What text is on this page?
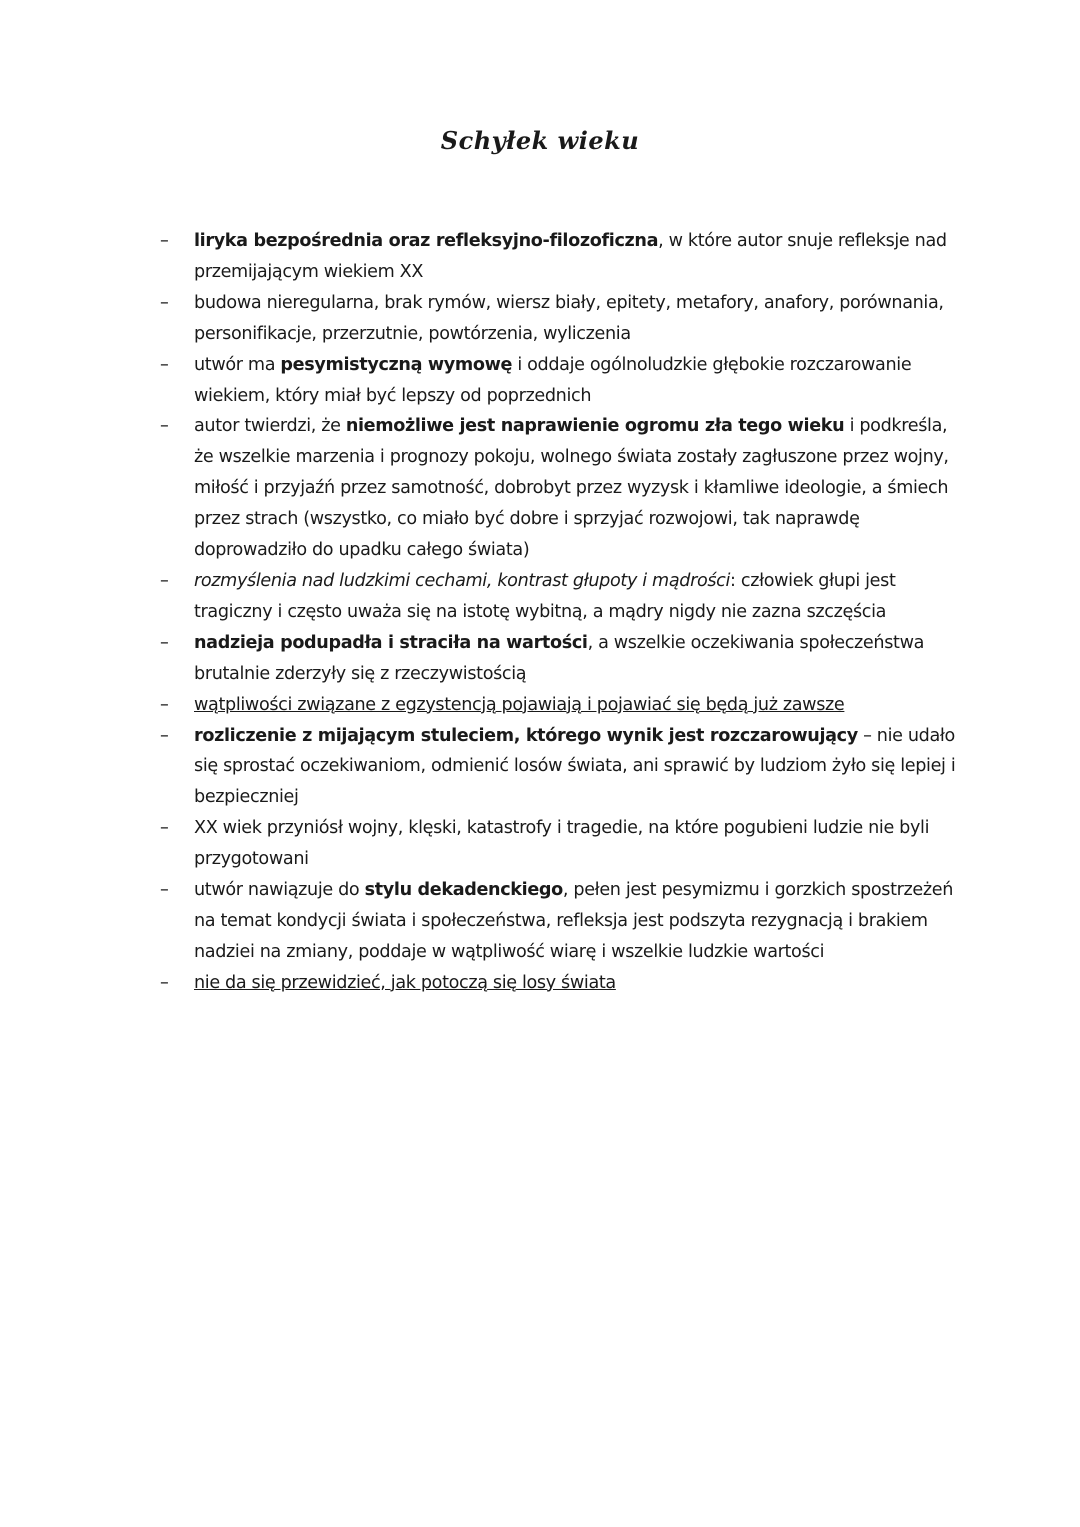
Schyłek wieku
– liryka bezpośrednia oraz refleksyjno-filozoficzna, w które autor snuje refleksje nad przemijającym wiekiem XX
– budowa nieregularna, brak rymów, wiersz biały, epitety, metafory, anafory, porównania, personifikacje, przerzutnie, powtórzenia, wyliczenia
– utwór ma pesymistyczną wymowę i oddaje ogólnoludzkie głębokie rozczarowanie wiekiem, który miał być lepszy od poprzednich
– autor twierdzi, że niemożliwe jest naprawienie ogromu zła tego wieku i podkreśla, że wszelkie marzenia i prognozy pokoju, wolnego świata zostały zagłuszone przez wojny, miłość i przyjaźń przez samotność, dobrobyt przez wyzysk i kłamliwe ideologie, a śmiech przez strach (wszystko, co miało być dobre i sprzyjać rozwojowi, tak naprawdę doprowadziło do upadku całego świata)
– rozmyślenia nad ludzkimi cechami, kontrast głupoty i mądrości: człowiek głupi jest tragiczny i często uważa się na istotę wybitną, a mądry nigdy nie zazna szczęścia
– nadzieja podupadła i straciła na wartości, a wszelkie oczekiwania społeczeństwa brutalnie zderzyły się z rzeczywistością
– wątpliwości związane z egzystencją pojawiają i pojawiać się będą już zawsze
– rozliczenie z mijającym stuleciem, którego wynik jest rozczarowujący – nie udało się sprostać oczekiwaniom, odmienić losów świata, ani sprawić by ludziom żyło się lepiej i bezpieczniej
– XX wiek przyniósł wojny, klęski, katastrofy i tragedie, na które pogubieni ludzie nie byli przygotowani
– utwór nawiązuje do stylu dekadenckiego, pełen jest pesymizmu i gorzkich spostrzeżeń na temat kondycji świata i społeczeństwa, refleksja jest podszyta rezygnacją i brakiem nadziei na zmiany, poddaje w wątpliwość wiarę i wszelkie ludzkie wartości
– nie da się przewidzieć, jak potoczą się losy świata
